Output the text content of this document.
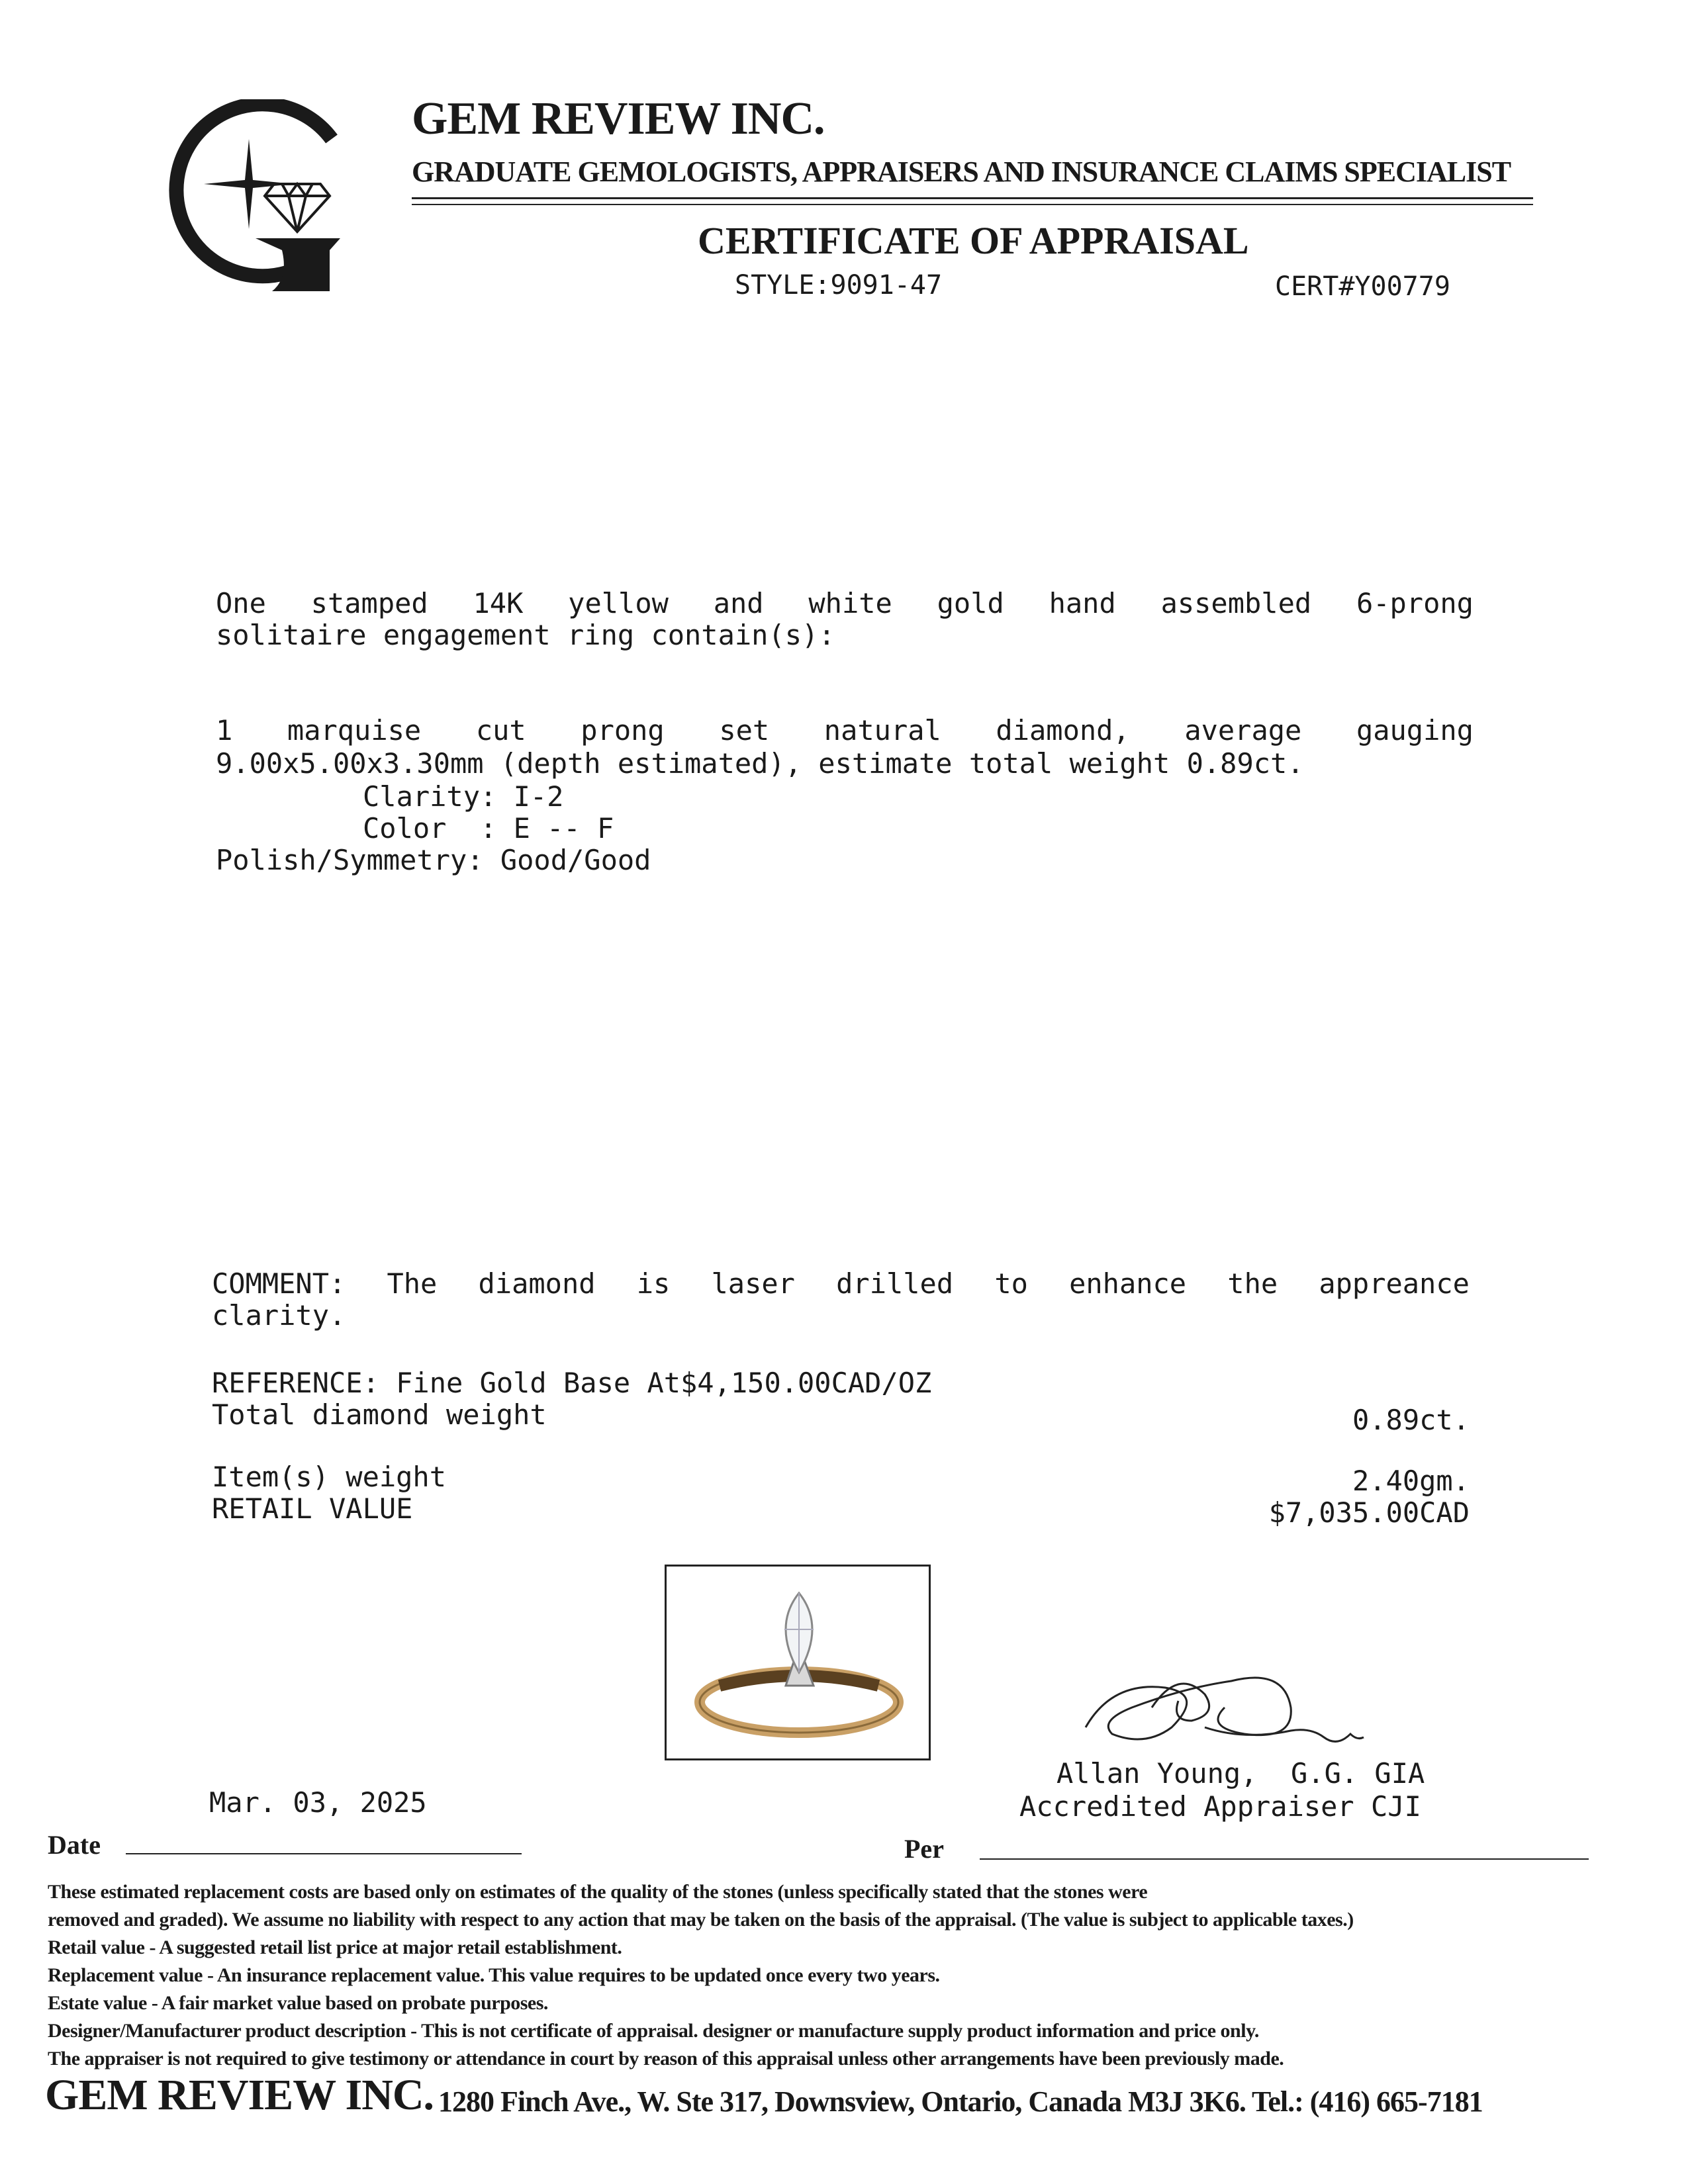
GEM REVIEW INC.
GRADUATE GEMOLOGISTS, APPRAISERS AND INSURANCE CLAIMS SPECIALIST
CERTIFICATE OF APPRAISAL
STYLE:9091-47	CERT#Y00779
One stamped 14K yellow and white gold hand assembled 6-prong
solitaire engagement ring contain(s):
1 marquise cut prong set natural diamond, average gauging
9.00x5.00x3.30mm (depth estimated), estimate total weight 0.89ct.
Clarity: I-2
Color  : E -- F
Polish/Symmetry: Good/Good
COMMENT: The diamond is laser drilled to enhance the appreance
clarity.
REFERENCE: Fine Gold Base At$4,150.00CAD/OZ
Total diamond weight	0.89ct.
Item(s) weight	2.40gm.
RETAIL VALUE	$7,035.00CAD
Allan Young,  G.G. GIA
Accredited Appraiser CJI
Mar. 03, 2025
Date	Per
These estimated replacement costs are based only on estimates of the quality of the stones (unless specifically stated that the stones were
removed and graded). We assume no liability with respect to any action that may be taken on the basis of the appraisal. (The value is subject to applicable taxes.)
Retail value - A suggested retail list price at major retail establishment.
Replacement value - An insurance replacement value. This value requires to be updated once every two years.
Estate value - A fair market value based on probate purposes.
Designer/Manufacturer product description - This is not certificate of appraisal. designer or manufacture supply product information and price only.
The appraiser is not required to give testimony or attendance in court by reason of this appraisal unless other arrangements have been previously made.
GEM REVIEW INC. 1280 Finch Ave., W. Ste 317, Downsview, Ontario, Canada M3J 3K6. Tel.: (416) 665-7181
